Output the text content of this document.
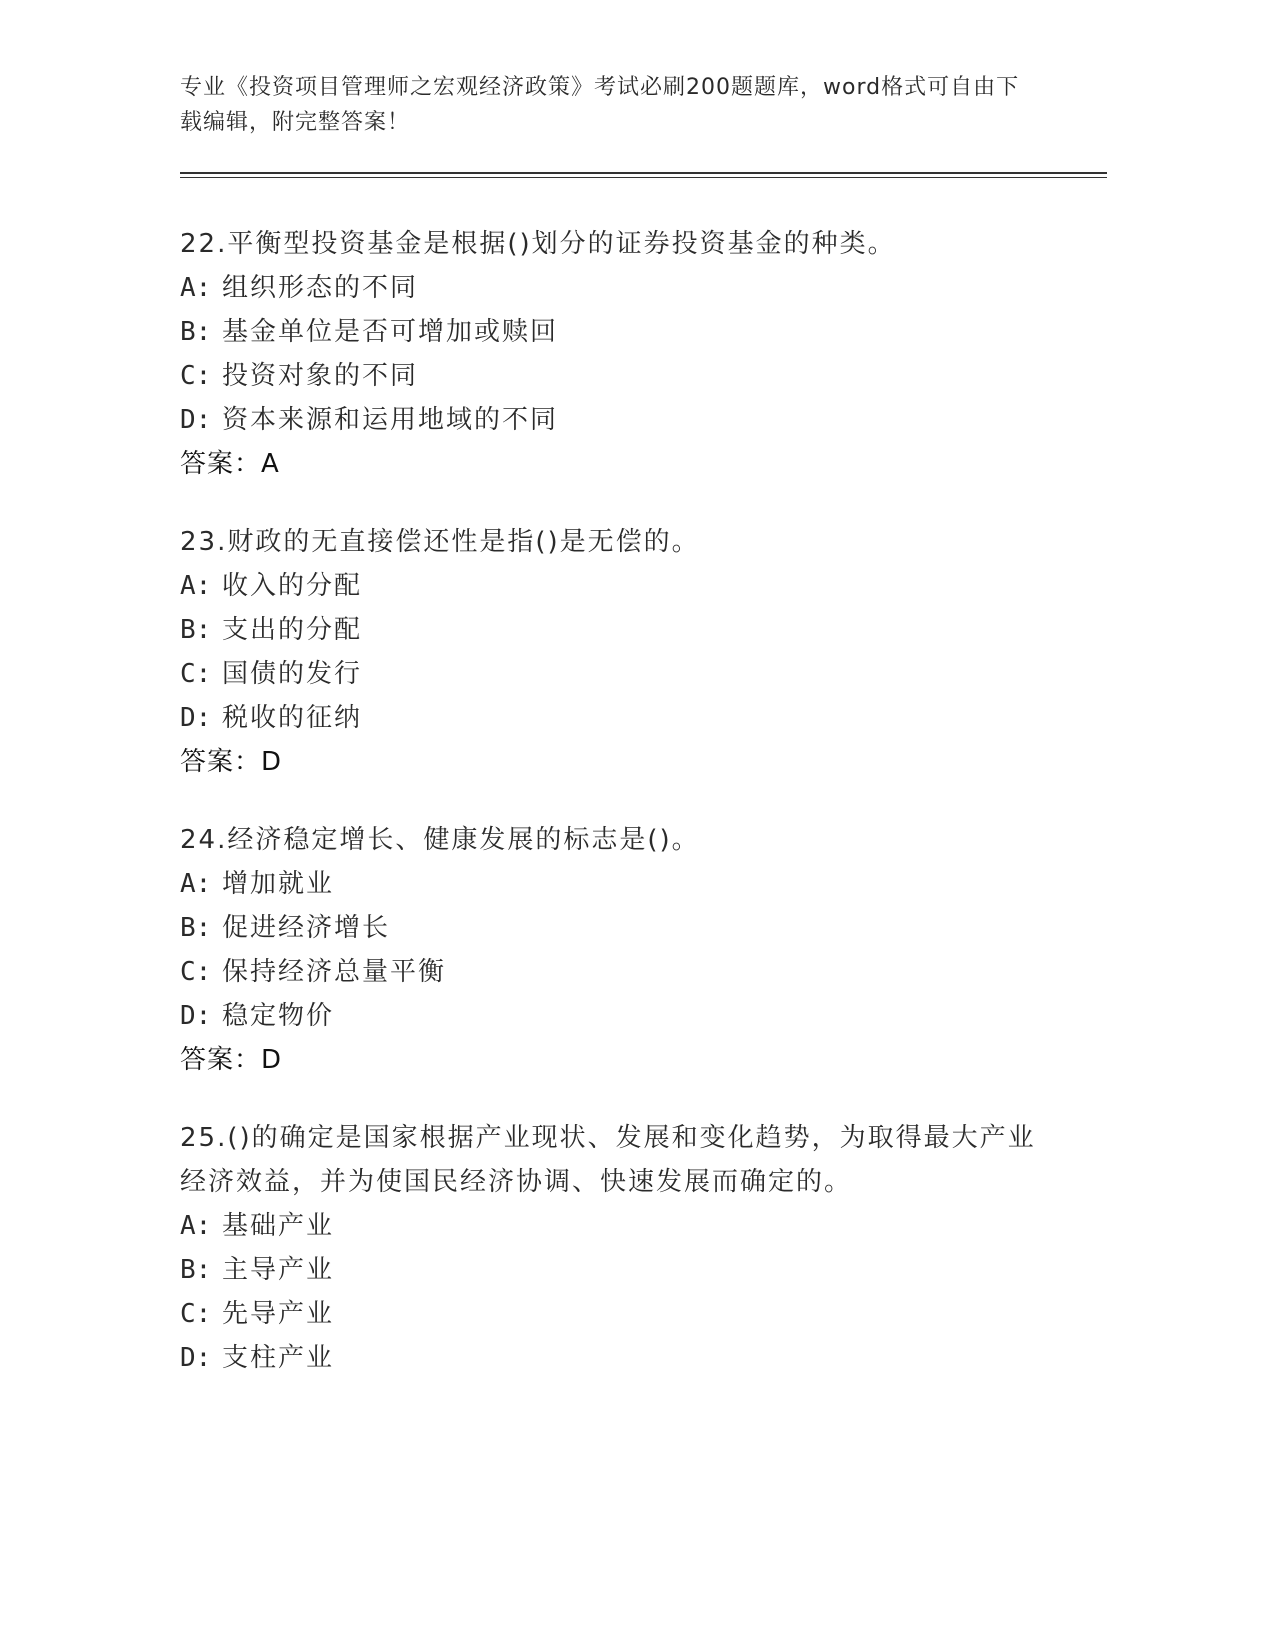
专业《投资项目管理师之宏观经济政策》考试必刷200题题库，word格式可自由下载编辑，附完整答案！
22.平衡型投资基金是根据()划分的证券投资基金的种类。
A: 组织形态的不同
B: 基金单位是否可增加或赎回
C: 投资对象的不同
D: 资本来源和运用地域的不同
答案：A
23.财政的无直接偿还性是指()是无偿的。
A: 收入的分配
B: 支出的分配
C: 国债的发行
D: 税收的征纳
答案：D
24.经济稳定增长、健康发展的标志是()。
A: 增加就业
B: 促进经济增长
C: 保持经济总量平衡
D: 稳定物价
答案：D
25.()的确定是国家根据产业现状、发展和变化趋势，为取得最大产业经济效益，并为使国民经济协调、快速发展而确定的。
A: 基础产业
B: 主导产业
C: 先导产业
D: 支柱产业
